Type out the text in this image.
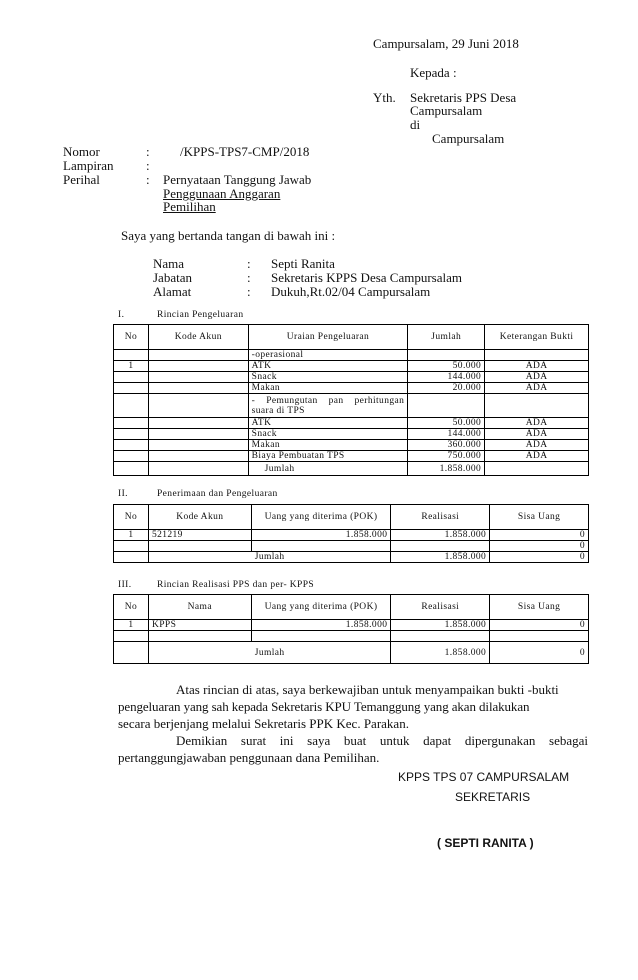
Campursalam, 29 Juni 2018
Kepada :
Yth. Sekretaris PPS Desa
Campursalam
di
Campursalam
Nomor	: /KPPS-TPS7-CMP/2018
Lampiran :
Perihal	: Pernyataan Tanggung Jawab
Penggunaan Anggaran
Pemilihan
Saya yang bertanda tangan di bawah ini :
Nama	: Septi Ranita
Jabatan	: Sekretaris KPPS Desa Campursalam
Alamat	: Dukuh,Rt.02/04 Campursalam
I.	Rincian Pengeluaran
No	Kode Akun	Uraian Pengeluaran	Jumlah	Keterangan Bukti
		-operasional		
1		ATK	50.000	ADA
		Snack	144.000	ADA
		Makan	20.000	ADA
		- Pemungutan pan perhitungan suara di TPS		
		ATK	50.000	ADA
		Snack	144.000	ADA
		Makan	360.000	ADA
		Biaya Pembuatan TPS	750.000	ADA
		Jumlah	1.858.000	
II.	Penerimaan dan Pengeluaran
No	Kode Akun	Uang yang diterima (POK)	Realisasi	Sisa Uang
1	521219	1.858.000	1.858.000	0
				0
	Jumlah		1.858.000	0
III.	Rincian Realisasi PPS dan per- KPPS
No	Nama	Uang yang diterima (POK)	Realisasi	Sisa Uang
1	KPPS	1.858.000	1.858.000	0

	Jumlah		1.858.000	0
Atas rincian di atas, saya berkewajiban untuk menyampaikan bukti -bukti
pengeluaran yang sah kepada Sekretaris KPU Temanggung yang akan dilakukan
secara berjenjang melalui Sekretaris PPK Kec. Parakan.
Demikian surat ini saya buat untuk dapat dipergunakan sebagai
pertanggungjawaban penggunaan dana Pemilihan.
KPPS TPS 07 CAMPURSALAM
SEKRETARIS
( SEPTI RANITA )
